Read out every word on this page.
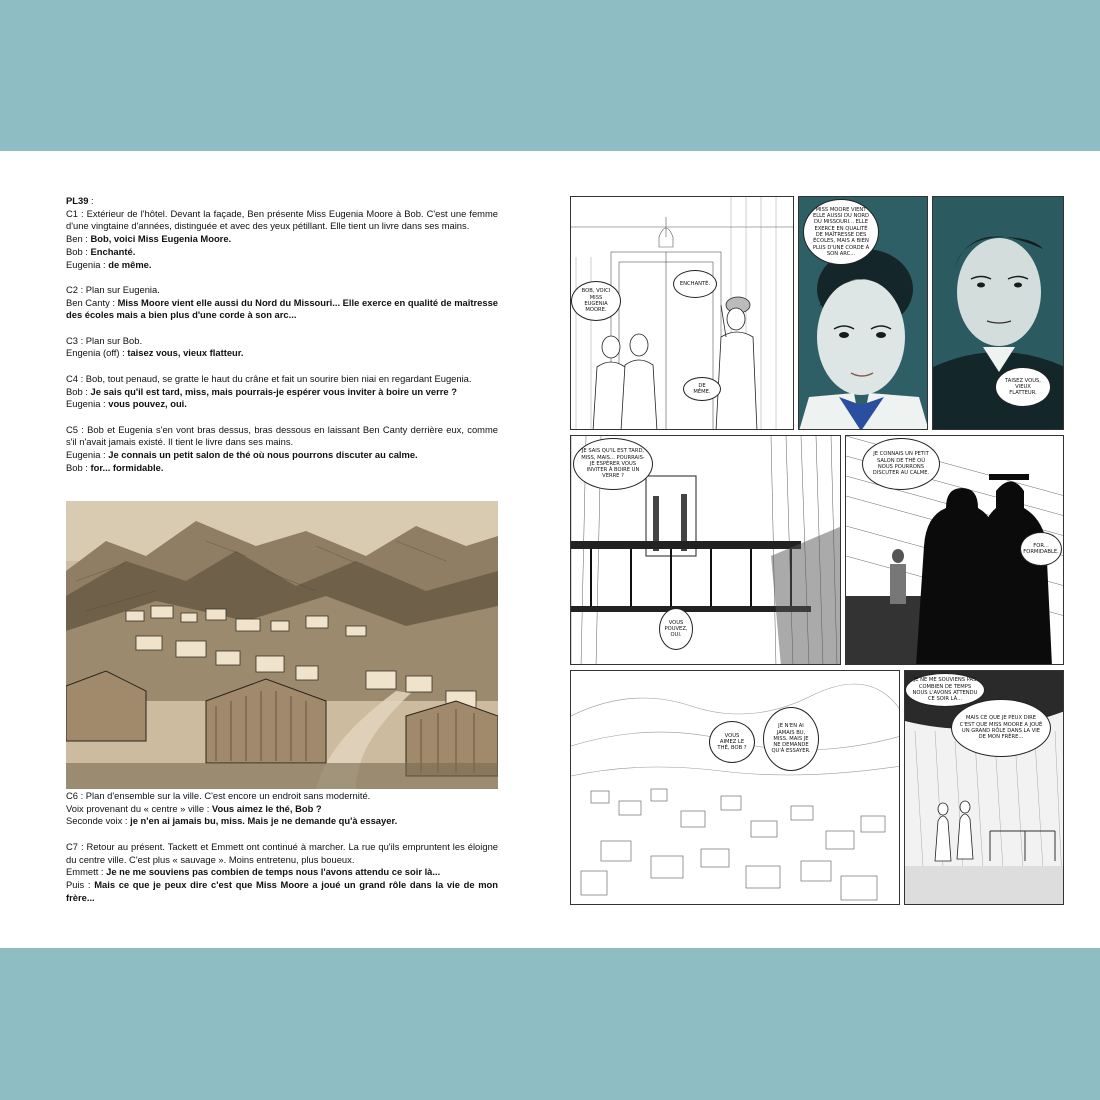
PL39 :

C1 : Extérieur de l'hôtel. Devant la façade, Ben présente Miss Eugenia Moore à Bob. C'est une femme d'une vingtaine d'années, distinguée et avec des yeux pétillant. Elle tient un livre dans ses mains.

Ben : Bob, voici Miss Eugenia Moore.

Bob : Enchanté.

Eugenia : de même.

C2 : Plan sur Eugenia.

Ben Canty : Miss Moore vient elle aussi du Nord du Missouri... Elle exerce en qualité de maîtresse des écoles mais a bien plus d'une corde à son arc...

C3 : Plan sur Bob.

Engenia (off) : taisez vous, vieux flatteur.

C4 : Bob, tout penaud, se gratte le haut du crâne et fait un sourire bien niai en regardant Eugenia.

Bob : Je sais qu'il est tard, miss, mais pourrais-je espérer vous inviter à boire un verre ?

Eugenia : vous pouvez, oui.

C5 : Bob et Eugenia s'en vont bras dessus, bras dessous en laissant Ben Canty derrière eux, comme s'il n'avait jamais existé. Il tient le livre dans ses mains.

Eugenia : Je connais un petit salon de thé où nous pourrons discuter au calme.

Bob : for... formidable.

C6 : Plan d'ensemble sur la ville. C'est encore un endroit sans modernité.

Voix provenant du « centre » ville : Vous aimez le thé, Bob ?

Seconde voix : je n'en ai jamais bu, miss. Mais je ne demande qu'à essayer.

C7 : Retour au présent. Tackett et Emmett ont continué à marcher. La rue qu'ils empruntent les éloigne du centre ville. C'est plus « sauvage ». Moins entretenu, plus boueux.

Emmett : Je ne me souviens pas combien de temps nous l'avons attendu ce soir là...

Puis : Mais ce que je peux dire c'est que Miss Moore a joué un grand rôle dans la vie de mon frère...

BOB, VOICI MISS EUGENIA MOORE.
ENCHANTÉ.
DE MÊME.
MISS MOORE VIENT ELLE AUSSI DU NORD DU MISSOURI... ELLE EXERCE EN QUALITÉ DE MAÎTRESSE DES ÉCOLES, MAIS A BIEN PLUS D'UNE CORDE À SON ARC...
TAISEZ VOUS, VIEUX FLATTEUR.
JE SAIS QU'IL EST TARD, MISS, MAIS... POURRAIS-JE ESPÉRER VOUS INVITER À BOIRE UN VERRE ?
VOUS POUVEZ, OUI.
JE CONNAIS UN PETIT SALON DE THÉ OÙ NOUS POURRONS DISCUTER AU CALME.
FOR... FORMIDABLE.
VOUS AIMEZ LE THÉ, BOB ?
JE N'EN AI JAMAIS BU, MISS. MAIS JE NE DEMANDE QU'À ESSAYER.
JE NE ME SOUVIENS PAS COMBIEN DE TEMPS NOUS L'AVONS ATTENDU CE SOIR LÀ...
MAIS CE QUE JE PEUX DIRE C'EST QUE MISS MOORE A JOUÉ UN GRAND RÔLE DANS LA VIE DE MON FRÈRE...
